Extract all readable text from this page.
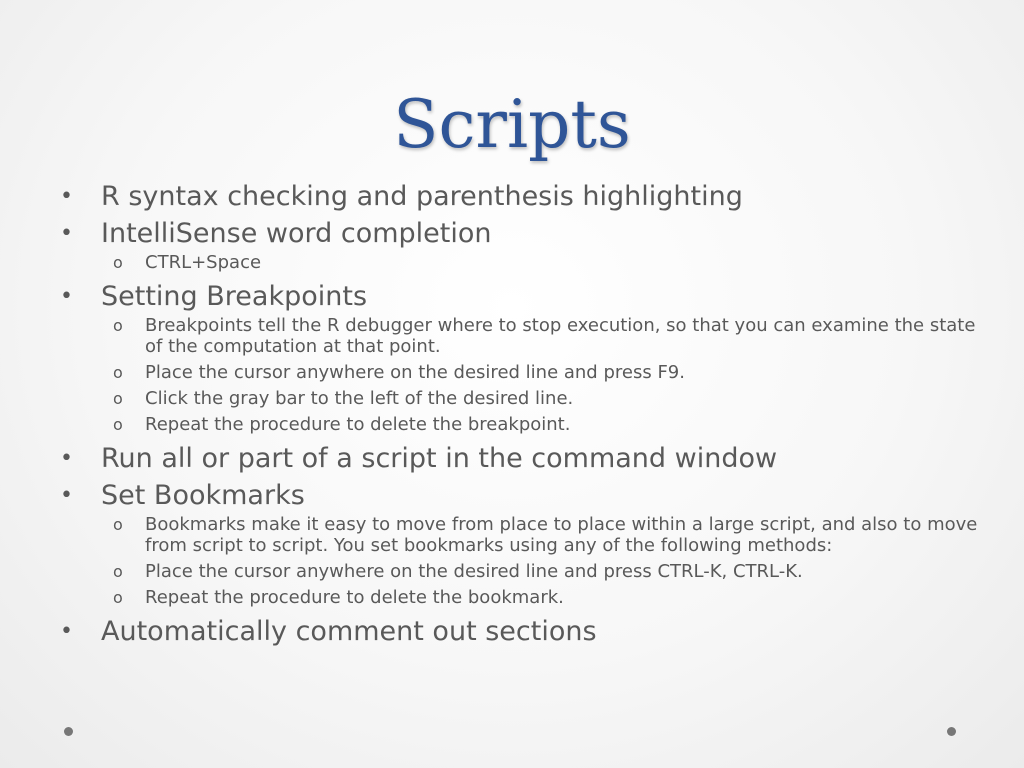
Scripts
• R syntax checking and parenthesis highlighting
• IntelliSense word completion
o CTRL+Space
• Setting Breakpoints
o Breakpoints tell the R debugger where to stop execution, so that you can examine the state of the computation at that point.
o Place the cursor anywhere on the desired line and press F9.
o Click the gray bar to the left of the desired line.
o Repeat the procedure to delete the breakpoint.
• Run all or part of a script in the command window
• Set Bookmarks
o Bookmarks make it easy to move from place to place within a large script, and also to move from script to script. You set bookmarks using any of the following methods:
o Place the cursor anywhere on the desired line and press CTRL-K, CTRL-K.
o Repeat the procedure to delete the bookmark.
• Automatically comment out sections
